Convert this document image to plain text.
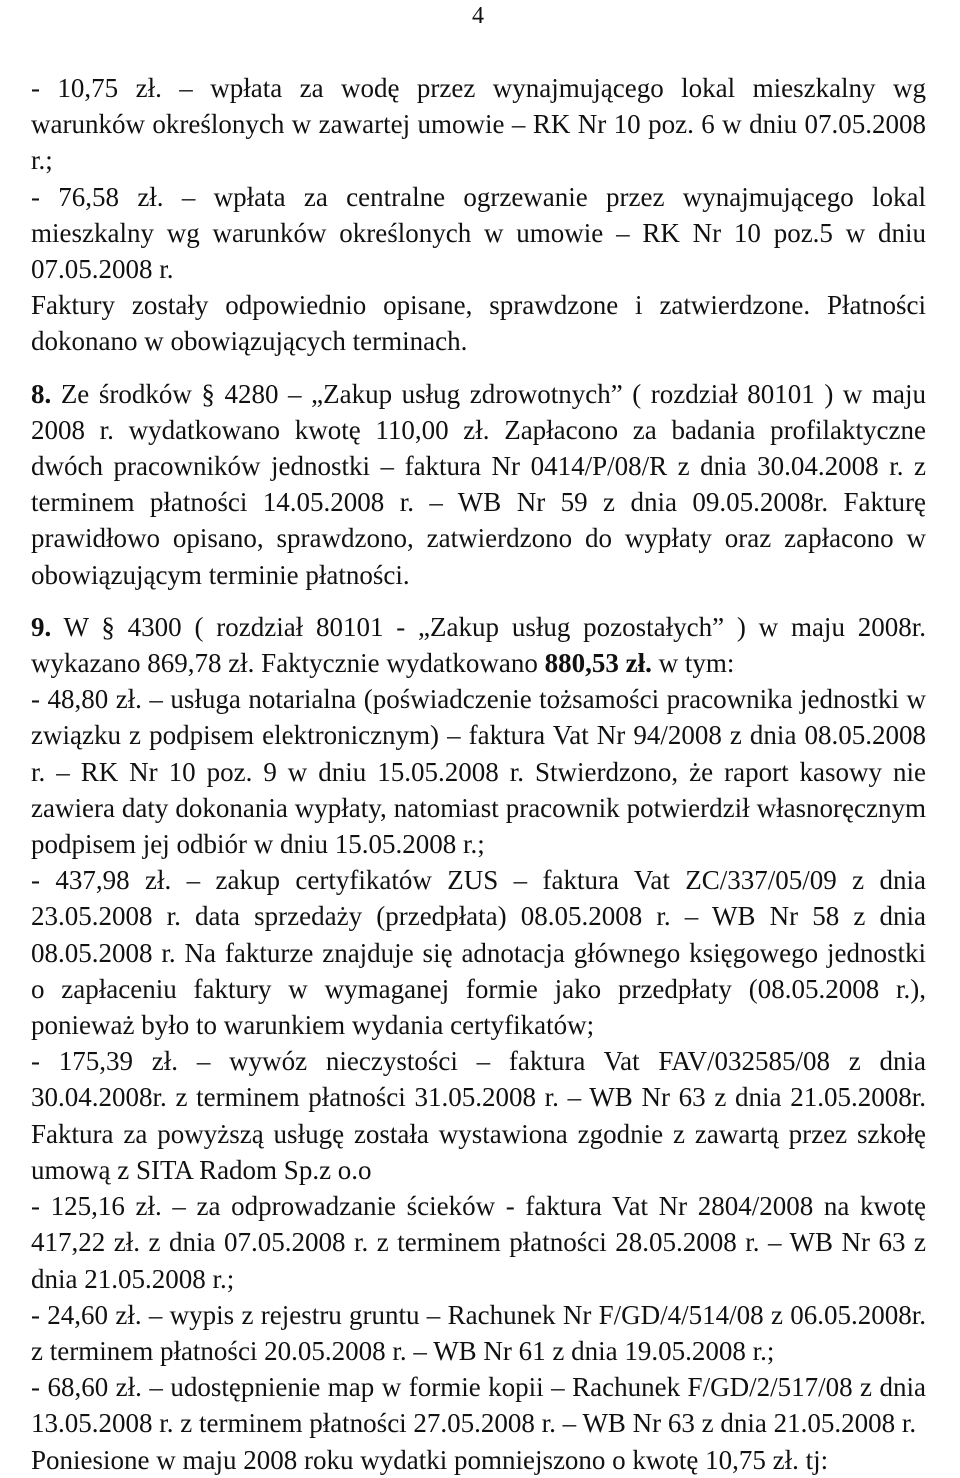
4

- 10,75 zł. – wpłata za wodę przez wynajmującego lokal mieszkalny wg warunków określonych w zawartej umowie – RK Nr 10 poz. 6 w dniu 07.05.2008 r.;

- 76,58 zł. – wpłata za centralne ogrzewanie przez wynajmującego lokal mieszkalny wg warunków określonych w umowie – RK Nr 10 poz.5 w dniu 07.05.2008 r.

Faktury zostały odpowiednio opisane, sprawdzone i zatwierdzone. Płatności dokonano w obowiązujących terminach.

8. Ze środków § 4280 – „Zakup usług zdrowotnych” ( rozdział 80101 ) w maju 2008 r. wydatkowano kwotę 110,00 zł. Zapłacono za badania profilaktyczne dwóch pracowników jednostki – faktura Nr 0414/P/08/R z dnia 30.04.2008 r. z terminem płatności 14.05.2008 r. – WB Nr 59 z dnia 09.05.2008r. Fakturę prawidłowo opisano, sprawdzono, zatwierdzono do wypłaty oraz zapłacono w obowiązującym terminie płatności.

9. W § 4300 ( rozdział 80101 - „Zakup usług pozostałych” ) w maju 2008r. wykazano 869,78 zł. Faktycznie wydatkowano 880,53 zł. w tym:

- 48,80 zł. – usługa notarialna (poświadczenie tożsamości pracownika jednostki w związku z podpisem elektronicznym) – faktura Vat Nr 94/2008 z dnia 08.05.2008 r. – RK Nr 10 poz. 9 w dniu 15.05.2008 r. Stwierdzono, że raport kasowy nie zawiera daty dokonania wypłaty, natomiast pracownik potwierdził własnoręcznym podpisem jej odbiór w dniu 15.05.2008 r.;

- 437,98 zł. – zakup certyfikatów ZUS – faktura Vat ZC/337/05/09 z dnia 23.05.2008 r. data sprzedaży (przedpłata) 08.05.2008 r. – WB Nr 58 z dnia 08.05.2008 r. Na fakturze znajduje się adnotacja głównego księgowego jednostki o zapłaceniu faktury w wymaganej formie jako przedpłaty (08.05.2008 r.), ponieważ było to warunkiem wydania certyfikatów;

- 175,39 zł. – wywóz nieczystości – faktura Vat FAV/032585/08 z dnia 30.04.2008r. z terminem płatności 31.05.2008 r. – WB Nr 63 z dnia 21.05.2008r. Faktura za powyższą usługę została wystawiona zgodnie z zawartą przez szkołę umową z SITA Radom Sp.z o.o

- 125,16 zł. – za odprowadzanie ścieków - faktura Vat Nr 2804/2008 na kwotę 417,22 zł. z dnia 07.05.2008 r. z terminem płatności 28.05.2008 r. – WB Nr 63 z dnia 21.05.2008 r.;

- 24,60 zł. – wypis z rejestru gruntu – Rachunek Nr F/GD/4/514/08 z 06.05.2008r. z terminem płatności 20.05.2008 r. – WB Nr 61 z dnia 19.05.2008 r.;

- 68,60 zł. – udostępnienie map w formie kopii – Rachunek F/GD/2/517/08 z dnia 13.05.2008 r. z terminem płatności 27.05.2008 r. – WB Nr 63 z dnia 21.05.2008 r.

Poniesione w maju 2008 roku wydatki pomniejszono o kwotę 10,75 zł. tj:
